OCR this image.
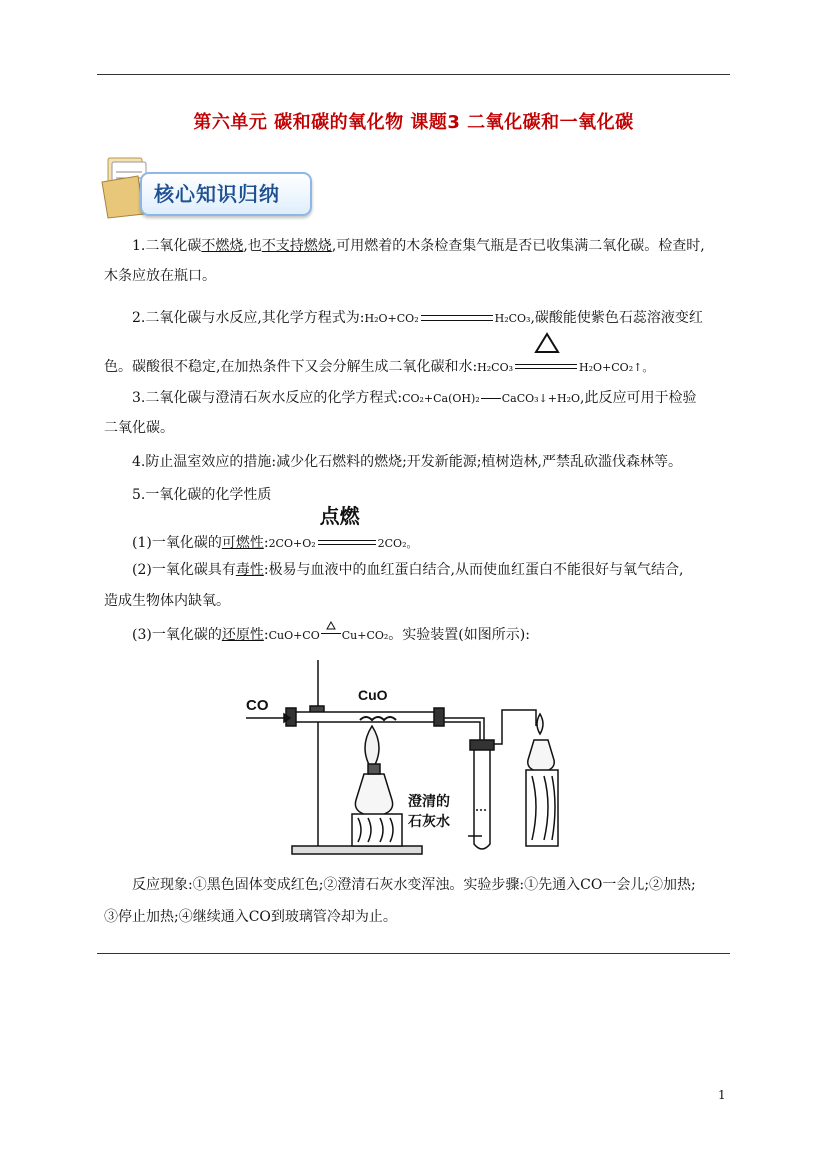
第六单元 碳和碳的氧化物 课题3 二氧化碳和一氧化碳
核心知识归纳
1.二氧化碳不燃烧,也不支持燃烧,可用燃着的木条检查集气瓶是否已收集满二氧化碳。检查时,
木条应放在瓶口。
2.二氧化碳与水反应,其化学方程式为:H₂O+CO₂	H₂CO₃,碳酸能使紫色石蕊溶液变红
色。碳酸很不稳定,在加热条件下又会分解生成二氧化碳和水:H₂CO₃	H₂O+CO₂↑。
3.二氧化碳与澄清石灰水反应的化学方程式:CO₂+Ca(OH)₂ CaCO₃↓+H₂O,此反应可用于检验
二氧化碳。
4.防止温室效应的措施:减少化石燃料的燃烧;开发新能源;植树造林,严禁乱砍滥伐森林等。
5.一氧化碳的化学性质
(1)一氧化碳的可燃性:2CO+O₂
点燃
2CO₂。
(2)一氧化碳具有毒性:极易与血液中的血红蛋白结合,从而使血红蛋白不能很好与氧气结合,
造成生物体内缺氧。
(3)一氧化碳的还原性:CuO+CO Cu+CO₂。实验装置(如图所示):
CO
CuO
澄清的
石灰水
反应现象:①黑色固体变成红色;②澄清石灰水变浑浊。实验步骤:①先通入CO一会儿;②加热;
③停止加热;④继续通入CO到玻璃管冷却为止。
1
